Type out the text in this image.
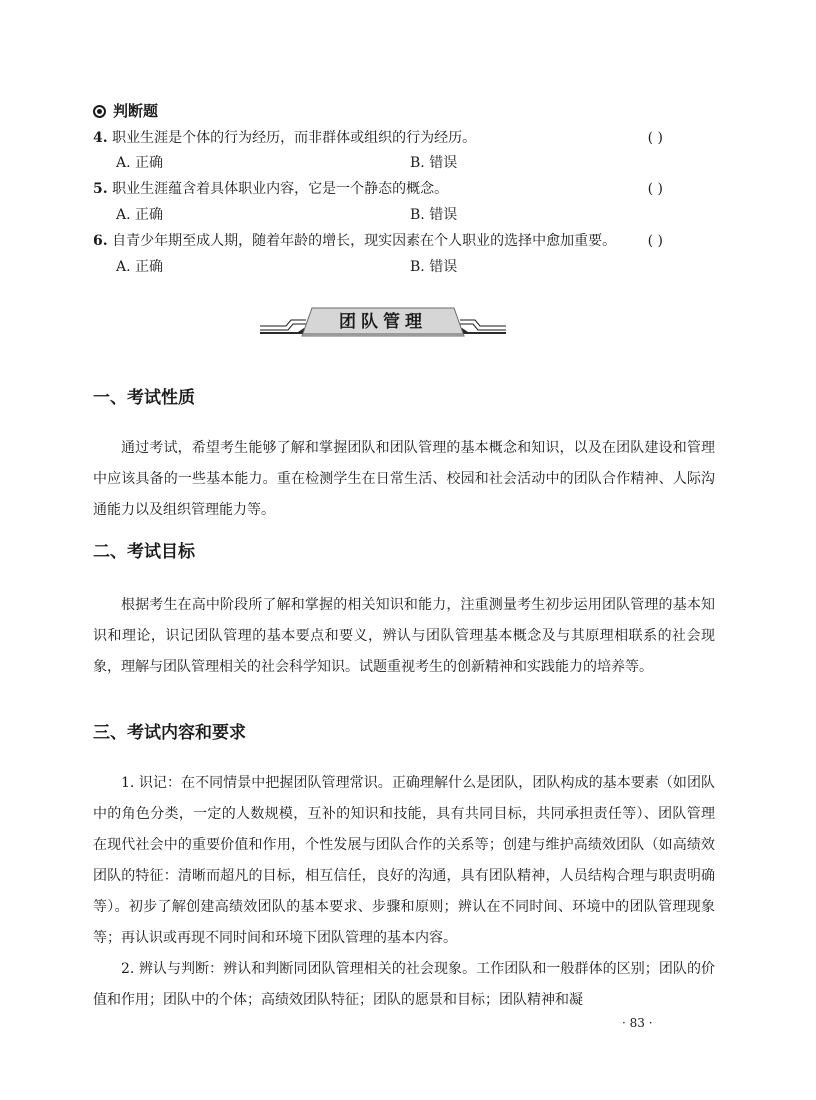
判断题
4. 职业生涯是个体的行为经历，而非群体或组织的行为经历。	( )
A. 正确	B. 错误
5. 职业生涯蕴含着具体职业内容，它是一个静态的概念。	( )
A. 正确	B. 错误
6. 自青少年期至成人期，随着年龄的增长，现实因素在个人职业的选择中愈加重要。 ( )
A. 正确	B. 错误
团队管理
一、考试性质

通过考试，希望考生能够了解和掌握团队和团队管理的基本概念和知识，以及在团队建设和管理中应该具备的一些基本能力。重在检测学生在日常生活、校园和社会活动中的团队合作精神、人际沟通能力以及组织管理能力等。

二、考试目标

根据考生在高中阶段所了解和掌握的相关知识和能力，注重测量考生初步运用团队管理的基本知识和理论，识记团队管理的基本要点和要义，辨认与团队管理基本概念及与其原理相联系的社会现象，理解与团队管理相关的社会科学知识。试题重视考生的创新精神和实践能力的培养等。

三、考试内容和要求

1. 识记：在不同情景中把握团队管理常识。正确理解什么是团队，团队构成的基本要素（如团队中的角色分类，一定的人数规模，互补的知识和技能，具有共同目标，共同承担责任等）、团队管理在现代社会中的重要价值和作用，个性发展与团队合作的关系等；创建与维护高绩效团队（如高绩效团队的特征：清晰而超凡的目标，相互信任，良好的沟通，具有团队精神，人员结构合理与职责明确等）。初步了解创建高绩效团队的基本要求、步骤和原则；辨认在不同时间、环境中的团队管理现象等；再认识或再现不同时间和环境下团队管理的基本内容。

2. 辨认与判断：辨认和判断同团队管理相关的社会现象。工作团队和一般群体的区别；团队的价值和作用；团队中的个体；高绩效团队特征；团队的愿景和目标；团队精神和凝

· 83 ·
